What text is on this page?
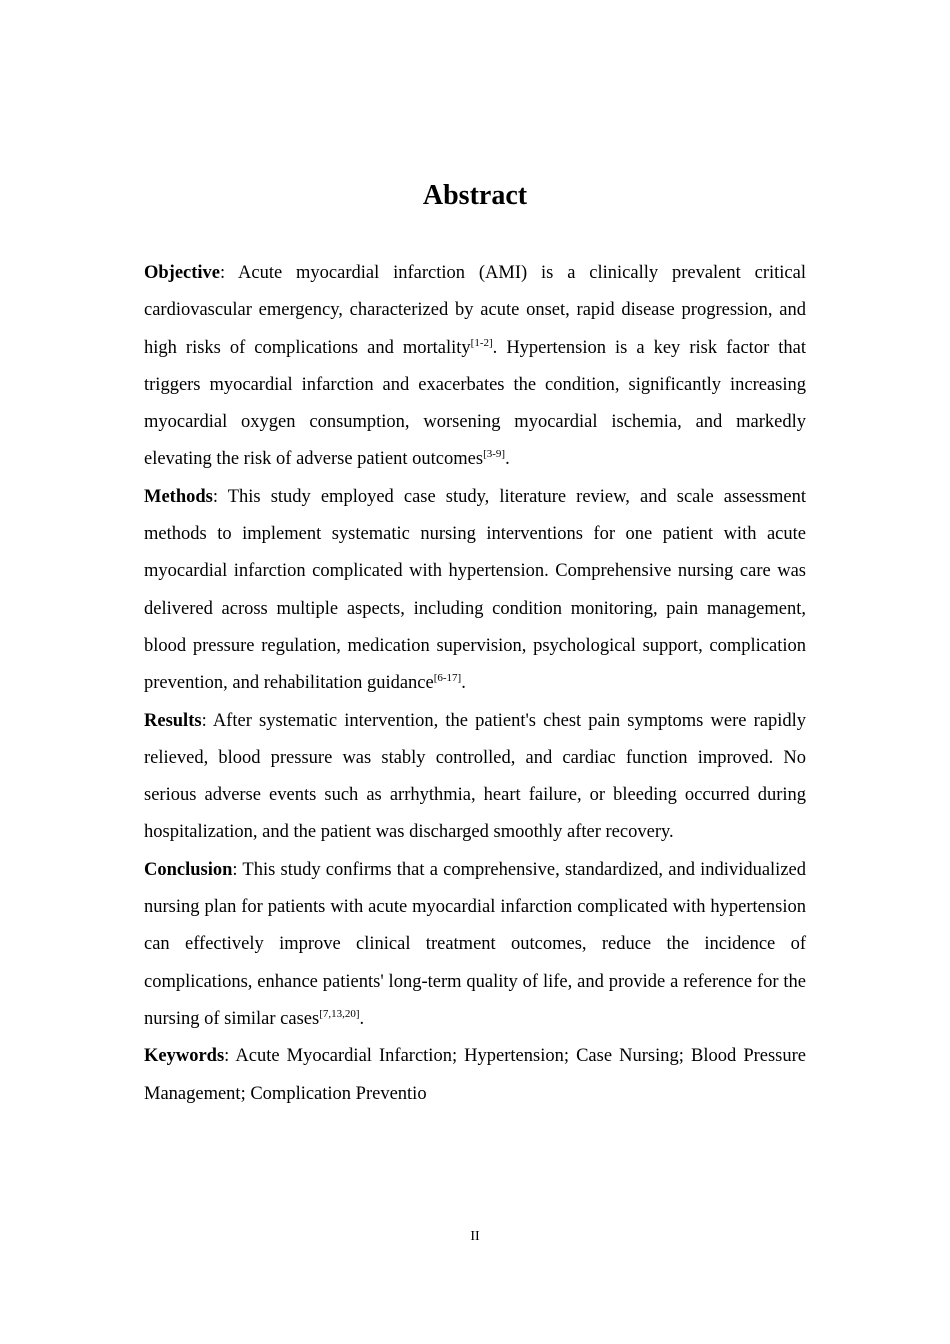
Abstract

Objective: Acute myocardial infarction (AMI) is a clinically prevalent critical cardiovascular emergency, characterized by acute onset, rapid disease progression, and high risks of complications and mortality[1-2]. Hypertension is a key risk factor that triggers myocardial infarction and exacerbates the condition, significantly increasing myocardial oxygen consumption, worsening myocardial ischemia, and markedly elevating the risk of adverse patient outcomes[3-9].

Methods: This study employed case study, literature review, and scale assessment methods to implement systematic nursing interventions for one patient with acute myocardial infarction complicated with hypertension. Comprehensive nursing care was delivered across multiple aspects, including condition monitoring, pain management, blood pressure regulation, medication supervision, psychological support, complication prevention, and rehabilitation guidance[6-17].

Results: After systematic intervention, the patient's chest pain symptoms were rapidly relieved, blood pressure was stably controlled, and cardiac function improved. No serious adverse events such as arrhythmia, heart failure, or bleeding occurred during hospitalization, and the patient was discharged smoothly after recovery.

Conclusion: This study confirms that a comprehensive, standardized, and individualized nursing plan for patients with acute myocardial infarction complicated with hypertension can effectively improve clinical treatment outcomes, reduce the incidence of complications, enhance patients' long-term quality of life, and provide a reference for the nursing of similar cases[7,13,20].

Keywords: Acute Myocardial Infarction; Hypertension; Case Nursing; Blood Pressure Management; Complication Preventio

II
